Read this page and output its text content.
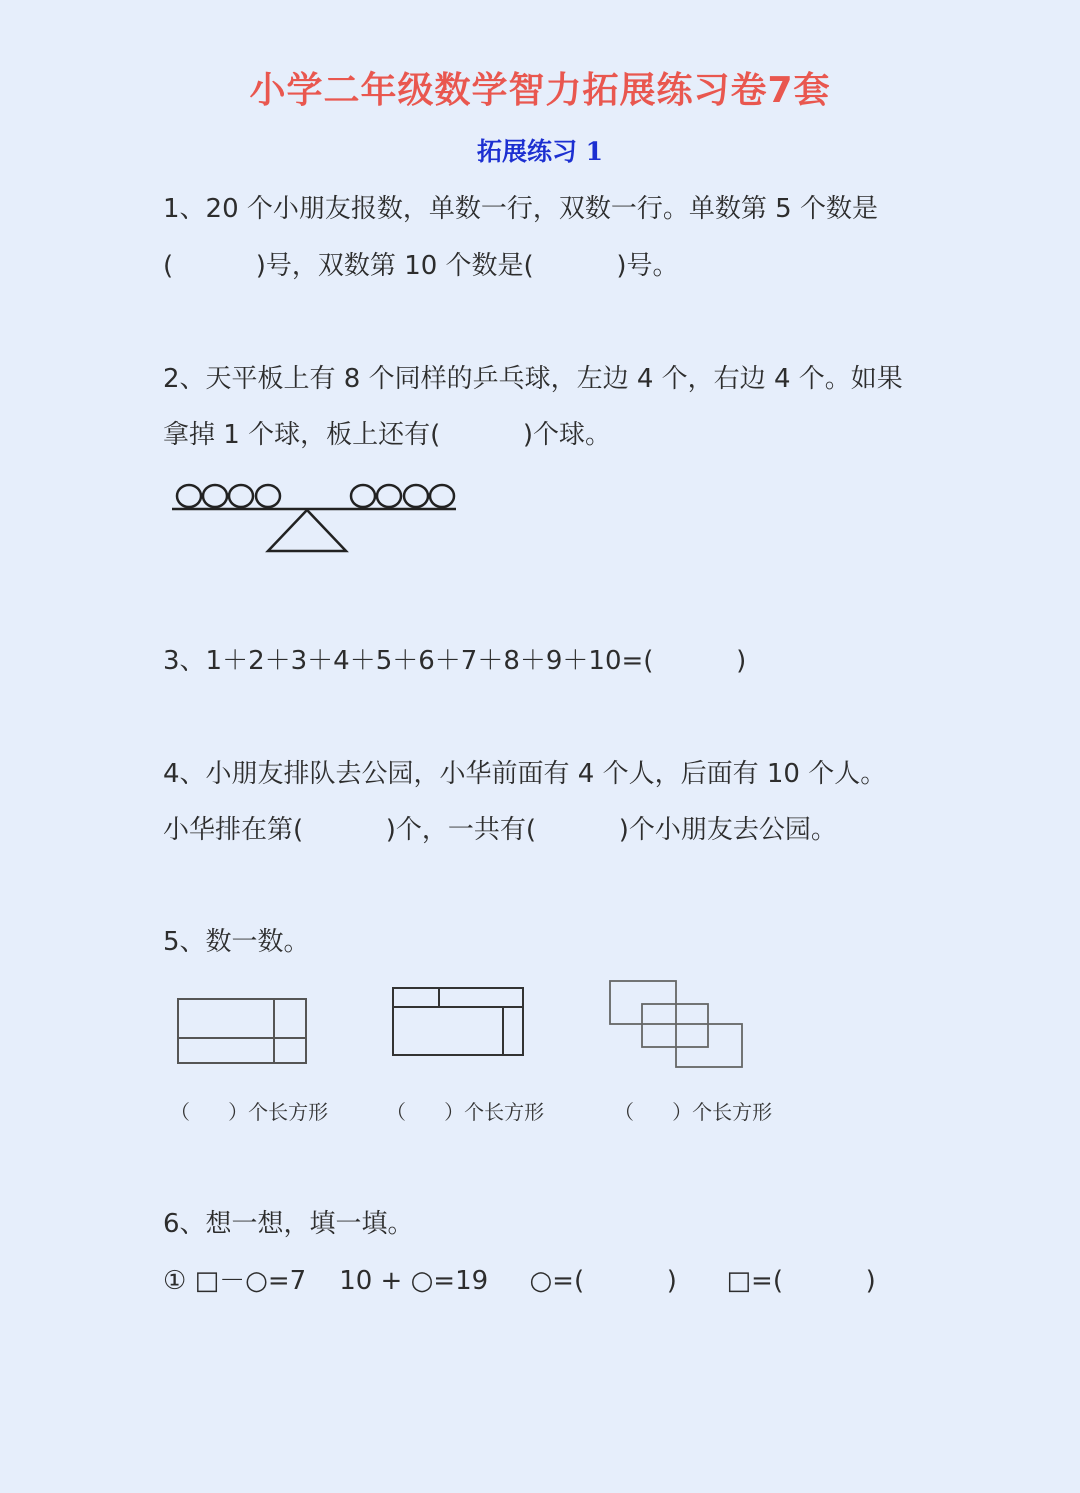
小学二年级数学智力拓展练习卷7套
拓展练习 1
1、20 个小朋友报数，单数一行，双数一行。单数第 5 个数是
(          )号，双数第 10 个数是(          )号。
2、天平板上有 8 个同样的乒乓球，左边 4 个，右边 4 个。如果
拿掉 1 个球，板上还有(          )个球。
3、1＋2＋3＋4＋5＋6＋7＋8＋9＋10=(          )
4、小朋友排队去公园，小华前面有 4 个人，后面有 10 个人。
小华排在第(          )个，一共有(          )个小朋友去公园。
5、数一数。
（      ）个长方形	（      ）个长方形	（      ）个长方形
6、想一想，填一填。
① □－○=7    10 + ○=19     ○=(          )      □=(          )
